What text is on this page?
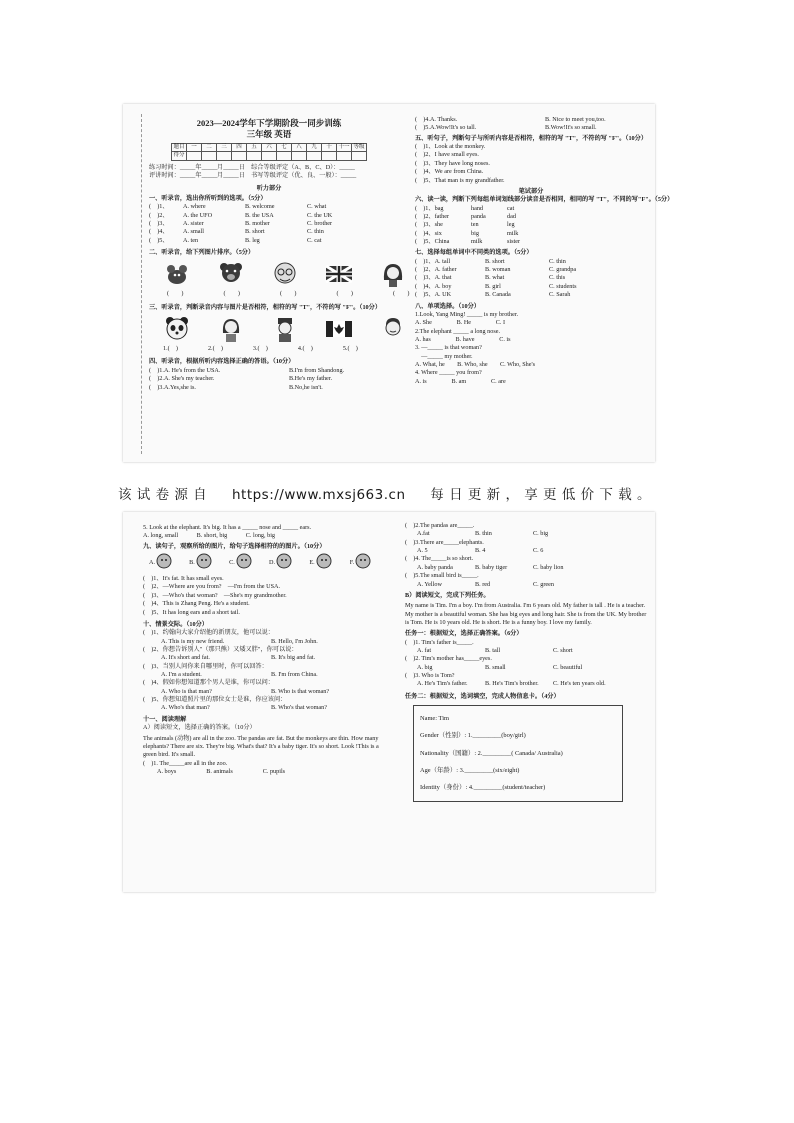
2023—2024学年下学期阶段一同步训练

三年级 英语

题目	一	二	三	四	五	六	七	八	九	十	十一	等级
得分												

练习时间：_____年_____月_____日　综合等级评定（A、B、C、D）：_____

评讲时间：_____年_____月_____日　书写等级评定（优、良、一般）：_____

听力部分

一、听录音，选出你所听到的选项。（5分）

(　)1、	A. where	B. welcome	C. what
(　)2、	A. the UFO	B. the USA	C. the UK
(　)3、	A. sister	B. mother	C. brother
(　)4、	A. small	B. short	C. thin
(　)5、	A. ten	B. leg	C. cat

二、听录音，给下列图片排序。（5分）

(　　)	(　　)	(　　)	(　　)	(　　)

三、听录音，判断录音内容与图片是否相符，相符的写 "T"，不符的写 "F"。（10分）

1.(　)	2.(　)	3.(　)	4.(　)	5.(　)

四、听录音，根据所听内容选择正确的答语。（10分）

(　)1.A. He's from the USA.	B.I'm from Shandong.
(　)2.A. She's my teacher.	B.He's my father.
(　)3.A.Yes,she is.	B.No,he isn't.
(　)4.A. Thanks.	B. Nice to meet you,too.
(　)5.A.Wow!It's so tall.	B.Wow!It's so small.

五、听句子，判断句子与所听内容是否相符，相符的写 "T"，不符的写 "F"。（10分）

(　)1、Look at the monkey.

(　)2、I have small eyes.

(　)3、They have long noses.

(　)4、We are from China.

(　)5、That man is my grandfather.

笔试部分

六、读一读，判断下列每组单词划线部分读音是否相同，相同的写 "T"，不同的写"F"。（5分）

(　)1、bag	hand	cat
(　)2、father	panda	dad
(　)3、she	ten	leg
(　)4、six	big	milk
(　)5、China	milk	sister

七、选择每组单词中不同类的选项。（5分）

(　)1、A. tall	B. short	C. thin
(　)2、A. father	B. woman	C. grandpa
(　)3、A. that	B. what	C. this
(　)4、A. boy	B. girl	C. students
(　)5、A. UK	B. Canada	C. Sarah

八、单项选择。（10分）

1.Look, Yang Ming! _____ is my brother.

A. She　　　　B. He　　　　C. I

2.The elephant _____ a long nose.

A. has　　　　B. have　　　　C. is

3. —_____ is that woman?

　—_____ my mother.

A. What, he　　B. Who, she　　C. Who, She's

4. Where _____ you from?

A. is　　　　B. am　　　　C. are

该 试 卷 源 自 https://www.mxsj663.cn 每 日 更 新 ， 享 更 低 价 下 载 。

5. Look at the elephant. It's big. It has a _____ nose and _____ ears.

A. long, small　　　B. short, big　　　C. long, big

九、读句子，观察所给的图片，给句子选择相符的的图片。（10分）

A.	B.	C.	D.	E.	F.

(　)1、It's fat. It has small eyes.

(　)2、—Where are you from?　—I'm from the USA.

(　)3、—Who's that woman?　—She's my grandmother.

(　)4、This is Zhang Peng. He's a student.

(　)5、It has long ears and a short tail.

十、情景交际。（10分）

(　)1、约翰向大家介绍他的新朋友，他可以说：

A. This is my new friend.	B. Hello, I'm John.

(　)2、你想告诉别人"（那只熊）又矮又胖"，你可以说：

A. It's short and fat.	B. It's big and fat.

(　)3、当别人问你来自哪里时，你可以回答：

A. I'm a student.	B. I'm from China.

(　)4、假如你想知道那个男人是谁，你可以问：

A. Who is that man?	B. Who is that woman?

(　)5、你想知道照片里的那位女士是谁，你应该问：

A. Who's that man?	B. Who's that woman?

十一、阅读理解

A）阅读短文，选择正确的答案。（10分）

The animals (动物) are all in the zoo. The pandas are fat. But the monkeys are thin. How many elephants? There are six. They're big. What's that? It's a baby tiger. It's so short. Look !This is a green bird. It's small.

(　)1. The_____are all in the zoo.

A. boys	B. animals	C. pupils

(　)2.The pandas are_____.

A.fat	B. thin	C. big

(　)3.There are_____elephants.

A. 5	B. 4	C. 6

(　)4. The_____is so short.

A. baby panda	B. baby tiger	C. baby lion

(　)5.The small bird is_____.

A. Yellow	B. red	C. green

B）阅读短文，完成下列任务。

My name is Tim. I'm a boy. I'm from Australia. I'm 6 years old. My father is tall . He is a teacher. My mother is a beautiful woman. She has big eyes and long hair. She is from the UK. My brother is Tom. He is 10 years old. He is short. He is a funny boy. I love my family.

任务一：根据短文，选择正确答案。（6分）

(　)1. Tim's father is_____.

A. fat	B. tall	C. short

(　)2. Tim's mother has_____eyes.

A. big	B. small	C. beautiful

(　)3. Who is Tom?

A. He's Tim's father.	B. He's Tim's brother.	C. He's ten years old.

任务二：根据短文，选词填空，完成人物信息卡。（4分）

Name: Tim

Gender（性别）: 1._________(boy/girl)

Nationality（国籍）: 2._________( Canada/ Australia)

Age（年龄）: 3._________(six/eight)

Identity（身份）: 4._________(student/teacher)
